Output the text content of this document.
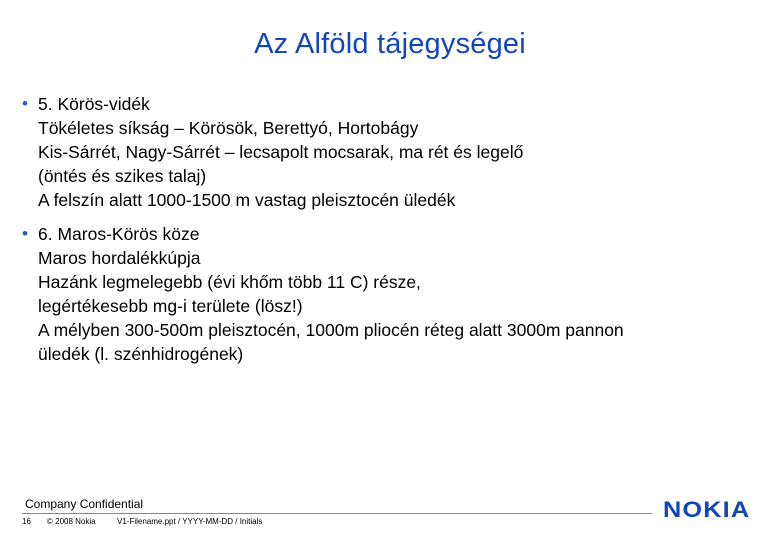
Az Alföld tájegységei
• 5. Körös-vidék
Tökéletes síkság – Körösök, Berettyó, Hortobágy
Kis-Sárrét, Nagy-Sárrét – lecsapolt mocsarak, ma rét és legelő
(öntés és szikes talaj)
A felszín alatt 1000-1500 m vastag pleisztocén üledék
• 6. Maros-Körös köze
Maros hordalékkúpja
Hazánk legmelegebb (évi khőm több 11 C) része,
legértékesebb mg-i területe (lösz!)
A mélyben 300-500m pleisztocén, 1000m pliocén réteg alatt 3000m pannon
üledék (l. szénhidrogének)
Company Confidential
16 © 2008 Nokia	V1-Filename.ppt / YYYY-MM-DD / Initials	NOKIA
